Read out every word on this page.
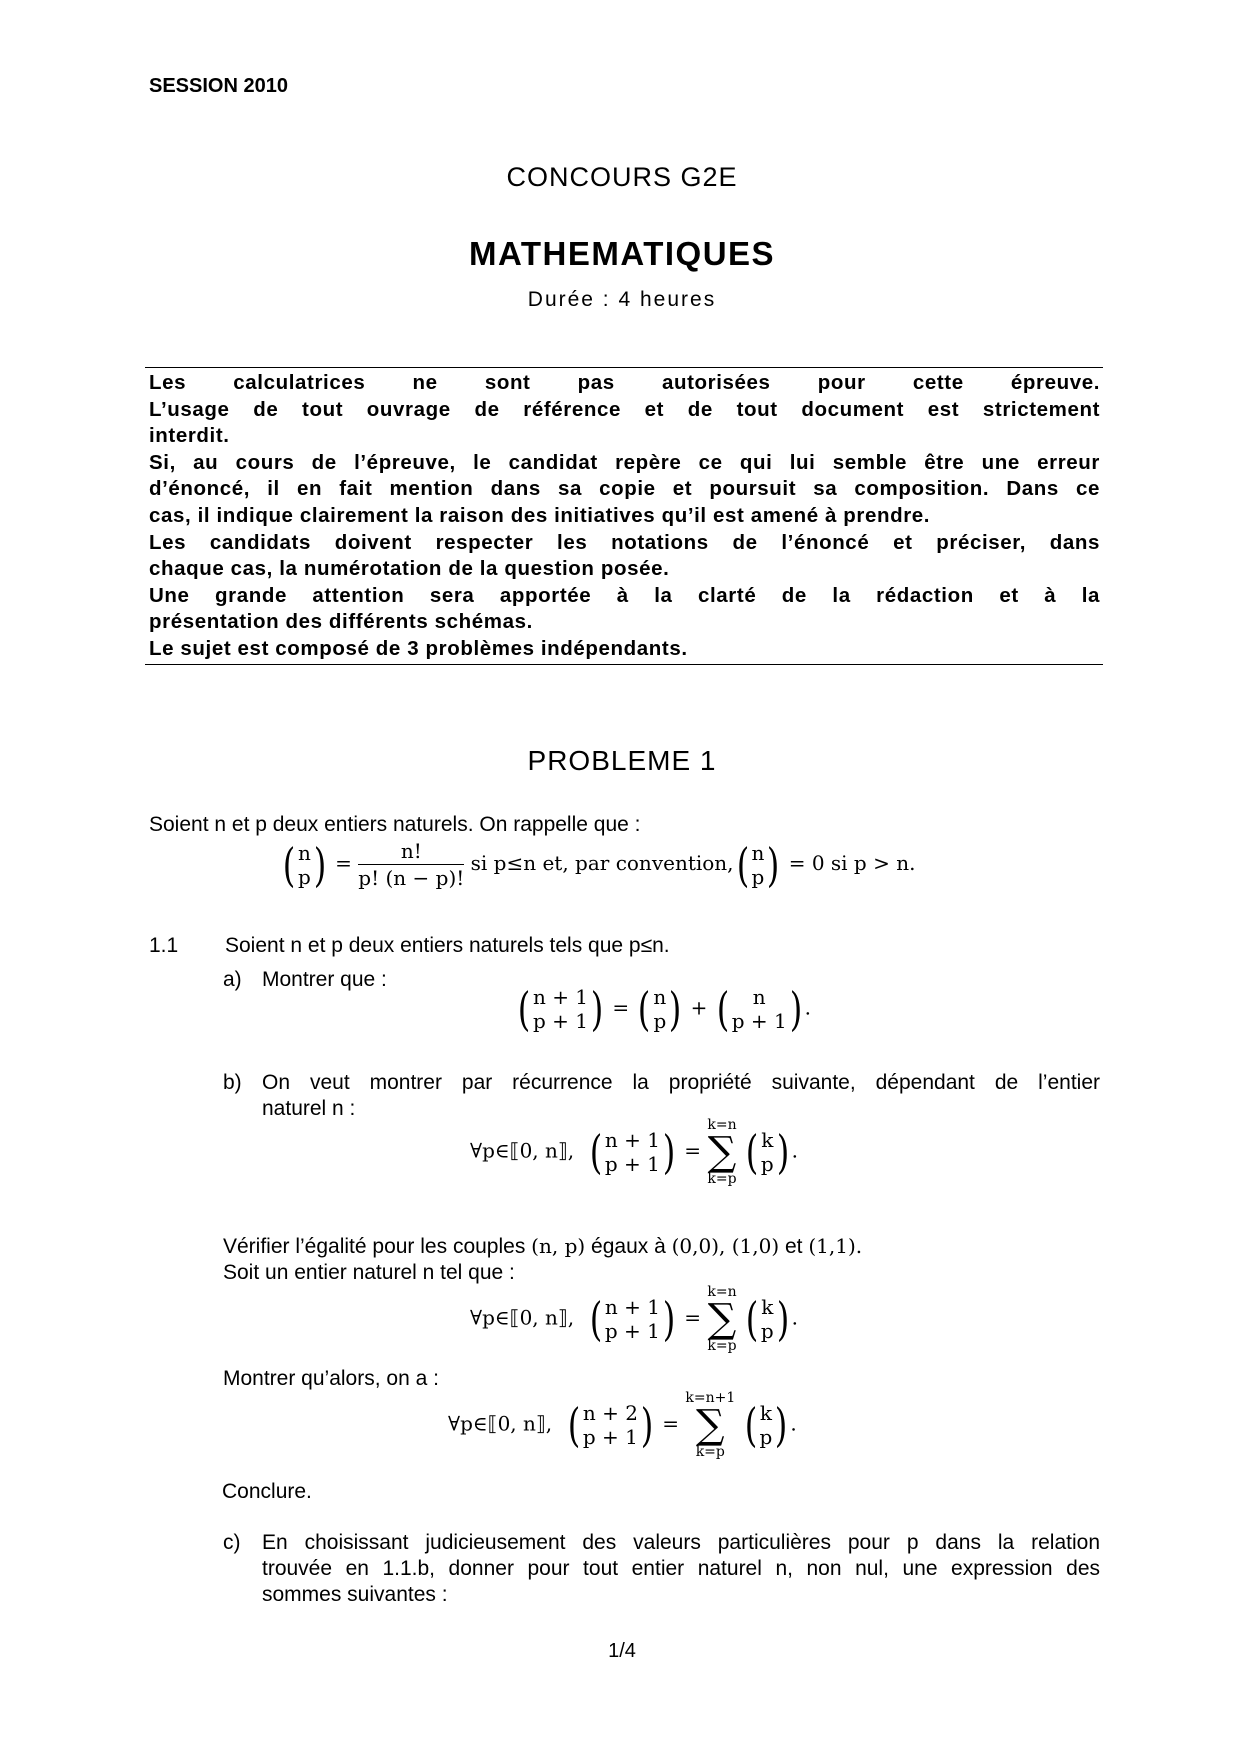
SESSION 2010
CONCOURS G2E
MATHEMATIQUES
Durée : 4 heures
Les calculatrices ne sont pas autorisées pour cette épreuve.
L’usage de tout ouvrage de référence et de tout document est strictement
interdit.
Si, au cours de l’épreuve, le candidat repère ce qui lui semble être une erreur
d’énoncé, il en fait mention dans sa copie et poursuit sa composition. Dans ce
cas, il indique clairement la raison des initiatives qu’il est amené à prendre.
Les candidats doivent respecter les notations de l’énoncé et préciser, dans
chaque cas, la numérotation de la question posée.
Une grande attention sera apportée à la clarté de la rédaction et à la
présentation des différents schémas.
Le sujet est composé de 3 problèmes indépendants.
PROBLEME 1
Soient n et p deux entiers naturels. On rappelle que :
( n
$p) = \frac{n!}{p! (n - p)!}$ si p≤n et, par convention,( n
p) = 0 si p > n.
1.1 Soient n et p deux entiers naturels tels que p≤n.
a) Montrer que :
( n + 1
p + 1) = ( n
p) + ( n
p + 1) .
b) On veut montrer par récurrence la propriété suivante, dépendant de l’entier
naturel n :
∀p∈⟦0, n⟧, ( n + 1
p + 1) =
k=n
∑
k=p ( k
p) .
Vérifier l’égalité pour les couples (n, p) égaux à (0,0), (1,0) et (1,1).
Soit un entier naturel n tel que :
∀p∈⟦0, n⟧, ( n + 1
p + 1) =
k=n
∑
k=p ( k
p) .
Montrer qu’alors, on a :
∀p∈⟦0, n⟧, ( n + 2
p + 1) =
k=n+1
∑
k=p ( k
p) .
Conclure.
c) En choisissant judicieusement des valeurs particulières pour p dans la relation
trouvée en 1.1.b, donner pour tout entier naturel n, non nul, une expression des
sommes suivantes :
1/4
